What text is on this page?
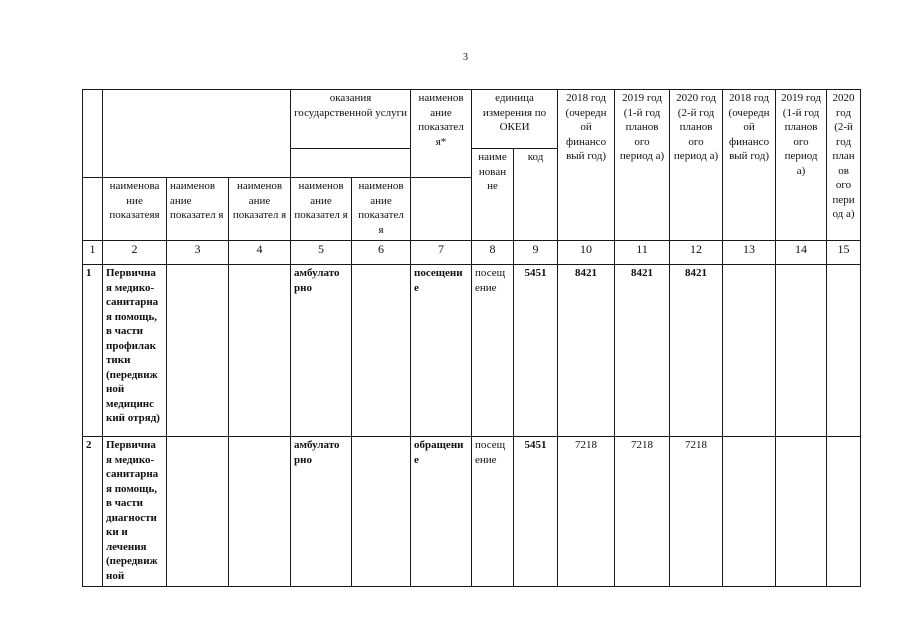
3
				оказания государственной услуги		наименов ание показател я*	единица измерения по ОКЕИ		2018 год (очередн ой финансо вый год)	2019 год (1-й год планов ого период а)	2020 год (2-й год планов ого период а)	2018 год (очередн ой финансо вый год)	2019 год (1-й год планов ого период а)	2020 год (2-й год планов ого период а)
							наиме нован не	код						
	наименова ние показатеяя	наименов ание показател я	наименов ание показател я	наименов ание показател я	наименов ание показател я									
1	2	3	4	5	6	7	8	9	10	11	12	13	14	15
1	Первична я медико-санитарна я помощь, в части профилак тики (передвиж ной медицинс кий отряд)			амбулато рно		посещени е	посещ ение	5451	8421	8421	8421			
2	Первична я медико-санитарна я помощь, в части диагности ки и лечения (передвиж ной			амбулато рно		обращени е	посещ ение	5451	7218	7218	7218			
